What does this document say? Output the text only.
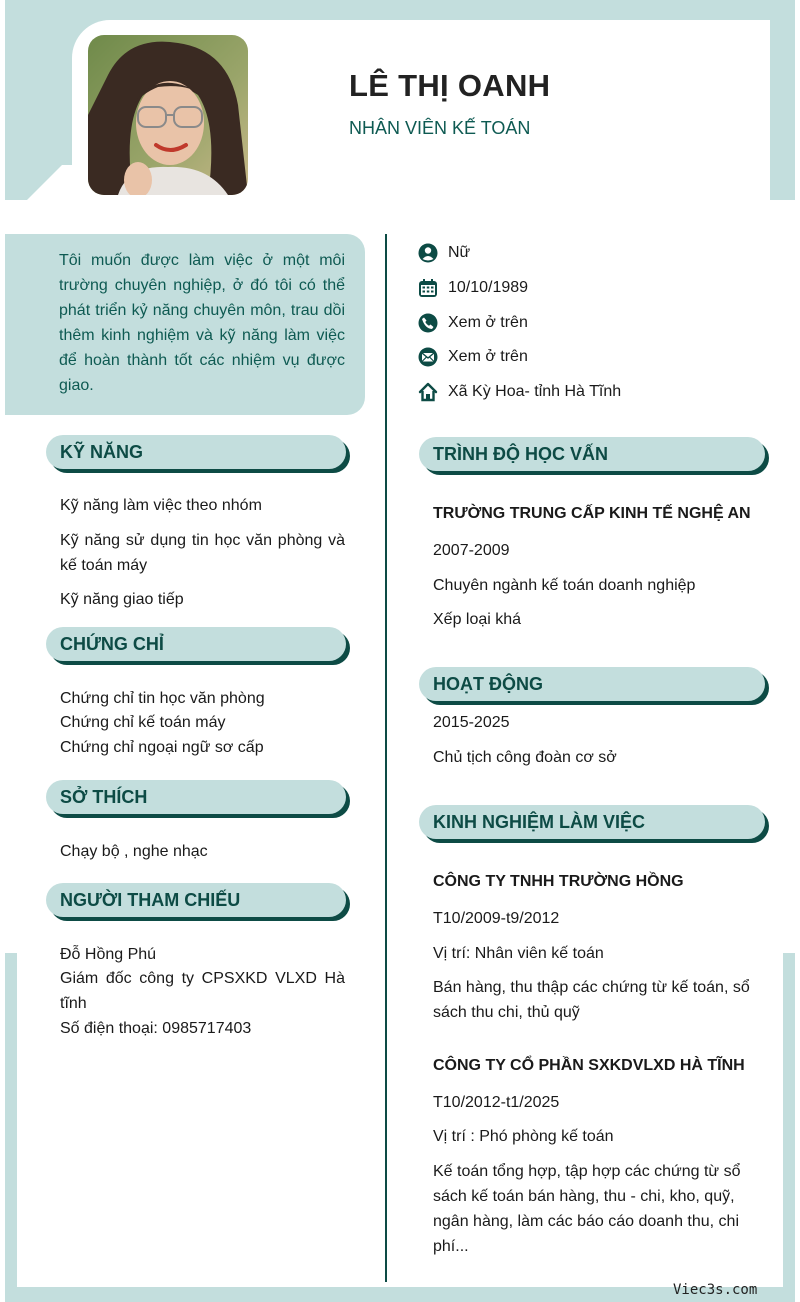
LÊ THỊ OANH
NHÂN VIÊN KẾ TOÁN

Tôi muốn được làm việc ở một môi trường chuyên nghiệp, ở đó tôi có thể phát triển kỷ năng chuyên môn, trau dồi thêm kinh nghiệm và kỹ năng làm việc để hoàn thành tốt các nhiệm vụ được giao.

Nữ
10/10/1989
Xem ở trên
Xem ở trên
Xã Kỳ Hoa- tỉnh Hà Tĩnh
KỸ NĂNG
Kỹ năng làm việc theo nhóm
Kỹ năng sử dụng tin học văn phòng và kế toán máy
Kỹ năng giao tiếp
CHỨNG CHỈ
Chứng chỉ tin học văn phòng
Chứng chỉ kế toán máy
Chứng chỉ ngoại ngữ sơ cấp
SỞ THÍCH
Chạy bộ , nghe nhạc
NGƯỜI THAM CHIẾU
Đỗ Hồng Phú
Giám đốc công ty CPSXKD VLXD Hà tĩnh
Số điện thoại: 0985717403
TRÌNH ĐỘ HỌC VẤN
TRƯỜNG TRUNG CẤP KINH TẾ NGHỆ AN
2007-2009
Chuyên ngành kế toán doanh nghiệp
Xếp loại khá
HOẠT ĐỘNG
2015-2025
Chủ tịch công đoàn cơ sở
KINH NGHIỆM LÀM VIỆC
CÔNG TY TNHH TRƯỜNG HỒNG
T10/2009-t9/2012
Vị trí: Nhân viên kế toán
Bán hàng, thu thập các chứng từ kế toán, sổ sách thu chi, thủ quỹ
CÔNG TY CỔ PHẦN SXKDVLXD HÀ TĨNH
T10/2012-t1/2025
Vị trí : Phó phòng kế toán
Kế toán tổng hợp, tập hợp các chứng từ sổ sách kế toán bán hàng, thu - chi, kho, quỹ, ngân hàng, làm các báo cáo doanh thu, chi phí...
Viec3s.com
